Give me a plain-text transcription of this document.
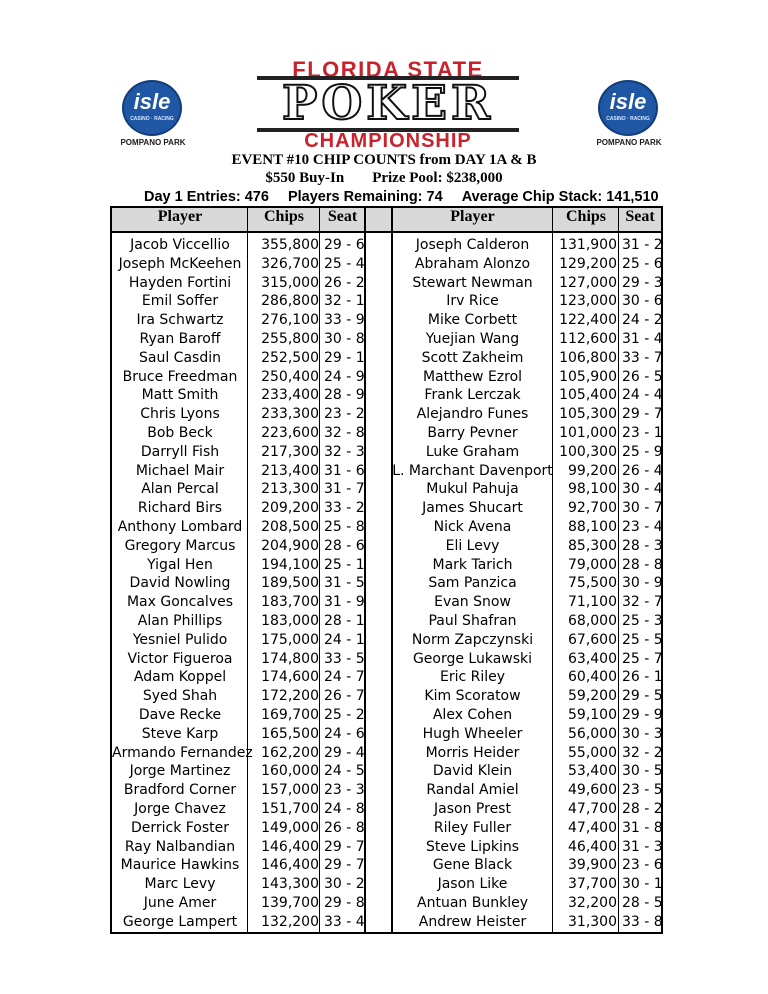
isle
CASINO · RACING
POMPANO PARK
FLORIDA STATE
POKER
CHAMPIONSHIP
isle
CASINO · RACING
POMPANO PARK
EVENT #10 CHIP COUNTS from DAY 1A & B
$550 Buy-In Prize Pool: $238,000
Day 1 Entries: 476 Players Remaining: 74 Average Chip Stack: 141,510
Player	Chips	Seat	Player	Chips	Seat
Jacob Viccellio	355,800 29 - 6
Joseph McKeehen	326,700 25 - 4
Hayden Fortini	315,000 26 - 2
Emil Soffer	286,800 32 - 1
Ira Schwartz	276,100 33 - 9
Ryan Baroff	255,800 30 - 8
Saul Casdin	252,500 29 - 1
Bruce Freedman	250,400 24 - 9
Matt Smith	233,400 28 - 9
Chris Lyons	233,300 23 - 2
Bob Beck	223,600 32 - 8
Darryll Fish	217,300 32 - 3
Michael Mair	213,400 31 - 6
Alan Percal	213,300 31 - 7
Richard Birs	209,200 33 - 2
Anthony Lombard	208,500 25 - 8
Gregory Marcus	204,900 28 - 6
Yigal Hen	194,100 25 - 1
David Nowling	189,500 31 - 5
Max Goncalves	183,700 31 - 9
Alan Phillips	183,000 28 - 1
Yesniel Pulido	175,000 24 - 1
Victor Figueroa	174,800 33 - 5
Adam Koppel	174,600 24 - 7
Syed Shah	172,200 26 - 7
Dave Recke	169,700 25 - 2
Steve Karp	165,500 24 - 6
Armando Fernandez 162,200 29 - 4
Jorge Martinez	160,000 24 - 5
Bradford Corner	157,000 23 - 3
Jorge Chavez	151,700 24 - 8
Derrick Foster	149,000 26 - 8
Ray Nalbandian	146,400 29 - 7
Maurice Hawkins	146,400 29 - 7
Marc Levy	143,300 30 - 2
June Amer	139,700 29 - 8
George Lampert	132,200 33 - 4
Joseph Calderon	131,900 31 - 2
Abraham Alonzo	129,200 25 - 6
Stewart Newman	127,000 29 - 3
Irv Rice	123,000 30 - 6
Mike Corbett	122,400 24 - 2
Yuejian Wang	112,600 31 - 4
Scott Zakheim	106,800 33 - 7
Matthew Ezrol	105,900 26 - 5
Frank Lerczak	105,400 24 - 4
Alejandro Funes	105,300 29 - 7
Barry Pevner	101,000 23 - 1
Luke Graham	100,300 25 - 9
L. Marchant Davenport	99,200 26 - 4
Mukul Pahuja	98,100 30 - 4
James Shucart	92,700 30 - 7
Nick Avena	88,100 23 - 4
Eli Levy	85,300 28 - 3
Mark Tarich	79,000 28 - 8
Sam Panzica	75,500 30 - 9
Evan Snow	71,100 32 - 7
Paul Shafran	68,000 25 - 3
Norm Zapczynski	67,600 25 - 5
George Lukawski	63,400 25 - 7
Eric Riley	60,400 26 - 1
Kim Scoratow	59,200 29 - 5
Alex Cohen	59,100 29 - 9
Hugh Wheeler	56,000 30 - 3
Morris Heider	55,000 32 - 2
David Klein	53,400 30 - 5
Randal Amiel	49,600 23 - 5
Jason Prest	47,700 28 - 2
Riley Fuller	47,400 31 - 8
Steve Lipkins	46,400 31 - 3
Gene Black	39,900 23 - 6
Jason Like	37,700 30 - 1
Antuan Bunkley	32,200 28 - 5
Andrew Heister	31,300 33 - 8
